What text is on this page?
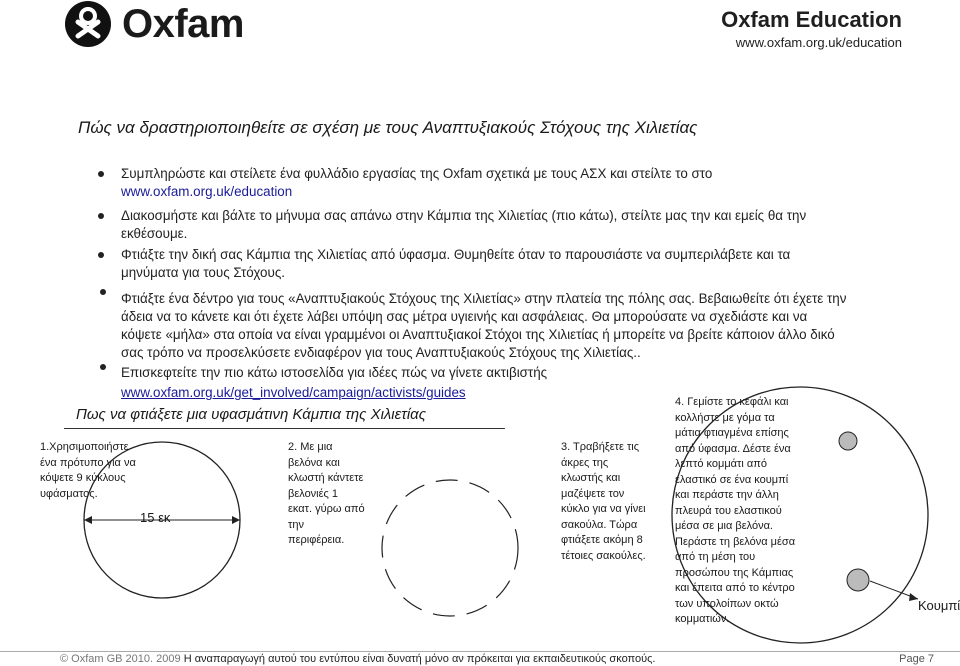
Oxfam	Oxfam Education
www.oxfam.org.uk/education
Πώς να δραστηριοποιηθείτε σε σχέση με τους Αναπτυξιακούς Στόχους της Χιλιετίας
Συμπληρώστε και στείλετε ένα φυλλάδιο εργασίας της Oxfam σχετικά με τους ΑΣΧ και στείλτε το στο
www.oxfam.org.uk/education
Διακοσμήστε και βάλτε το μήνυμα σας απάνω στην Κάμπια της Χιλιετίας (πιο κάτω), στείλτε μας την και εμείς θα την
εκθέσουμε.
Φτιάξτε την δική σας Κάμπια της Χιλιετίας από ύφασμα. Θυμηθείτε όταν το παρουσιάστε να συμπεριλάβετε και τα
μηνύματα για τους Στόχους.
Φτιάξτε ένα δέντρο για τους «Αναπτυξιακούς Στόχους της Χιλιετίας» στην πλατεία της πόλης σας. Βεβαιωθείτε ότι έχετε την
άδεια να το κάνετε και ότι έχετε λάβει υπόψη σας μέτρα υγιεινής και ασφάλειας. Θα μπορούσατε να σχεδιάστε και να
κόψετε «μήλα» στα οποία να είναι γραμμένοι οι Αναπτυξιακοί Στόχοι της Χιλιετίας ή μπορείτε να βρείτε κάποιον άλλο δικό
σας τρόπο να προσελκύσετε ενδιαφέρον για τους Αναπτυξιακούς Στόχους της Χιλιετίας..
Επισκεφτείτε την πιο κάτω ιστοσελίδα για ιδέες πώς να γίνετε ακτιβιστής
www.oxfam.org.uk/get_involved/campaign/activists/guides
Πως να φτιάξετε μια υφασμάτινη Κάμπια της Χιλιετίας
1.Χρησιμοποιήστε
ένα πρότυπο για να
κόψετε 9 κύκλους
υφάσματος.
15 εκ
2. Με μια
βελόνα και
κλωστή κάντετε
βελονιές 1
εκατ. γύρω από
την
περιφέρεια.
3. Τραβήξετε τις
άκρες της
κλωστής και
μαζέψετε τον
κύκλο για να γίνει
σακούλα. Τώρα
φτιάξετε ακόμη 8
τέτοιες σακούλες.
4. Γεμίστε το κεφάλι και
κολλήστε με γόμα τα
μάτια φτιαγμένα επίσης
από ύφασμα. Δέστε ένα
λεπτό κομμάτι από
ελαστικό σε ένα κουμπί
και περάστε την άλλη
πλευρά του ελαστικού
μέσα σε μια βελόνα.
Περάστε τη βελόνα μέσα
από τη μέση του
προσώπου της Κάμπιας
και έπειτα από το κέντρο
των υπολοίπων οκτώ
κομματιών.
Κουμπί
© Oxfam GB 2010. 2009 Η αναπαραγωγή αυτού του εντύπου είναι δυνατή μόνο αν πρόκειται για εκπαιδευτικούς σκοπούς.	Page 7
